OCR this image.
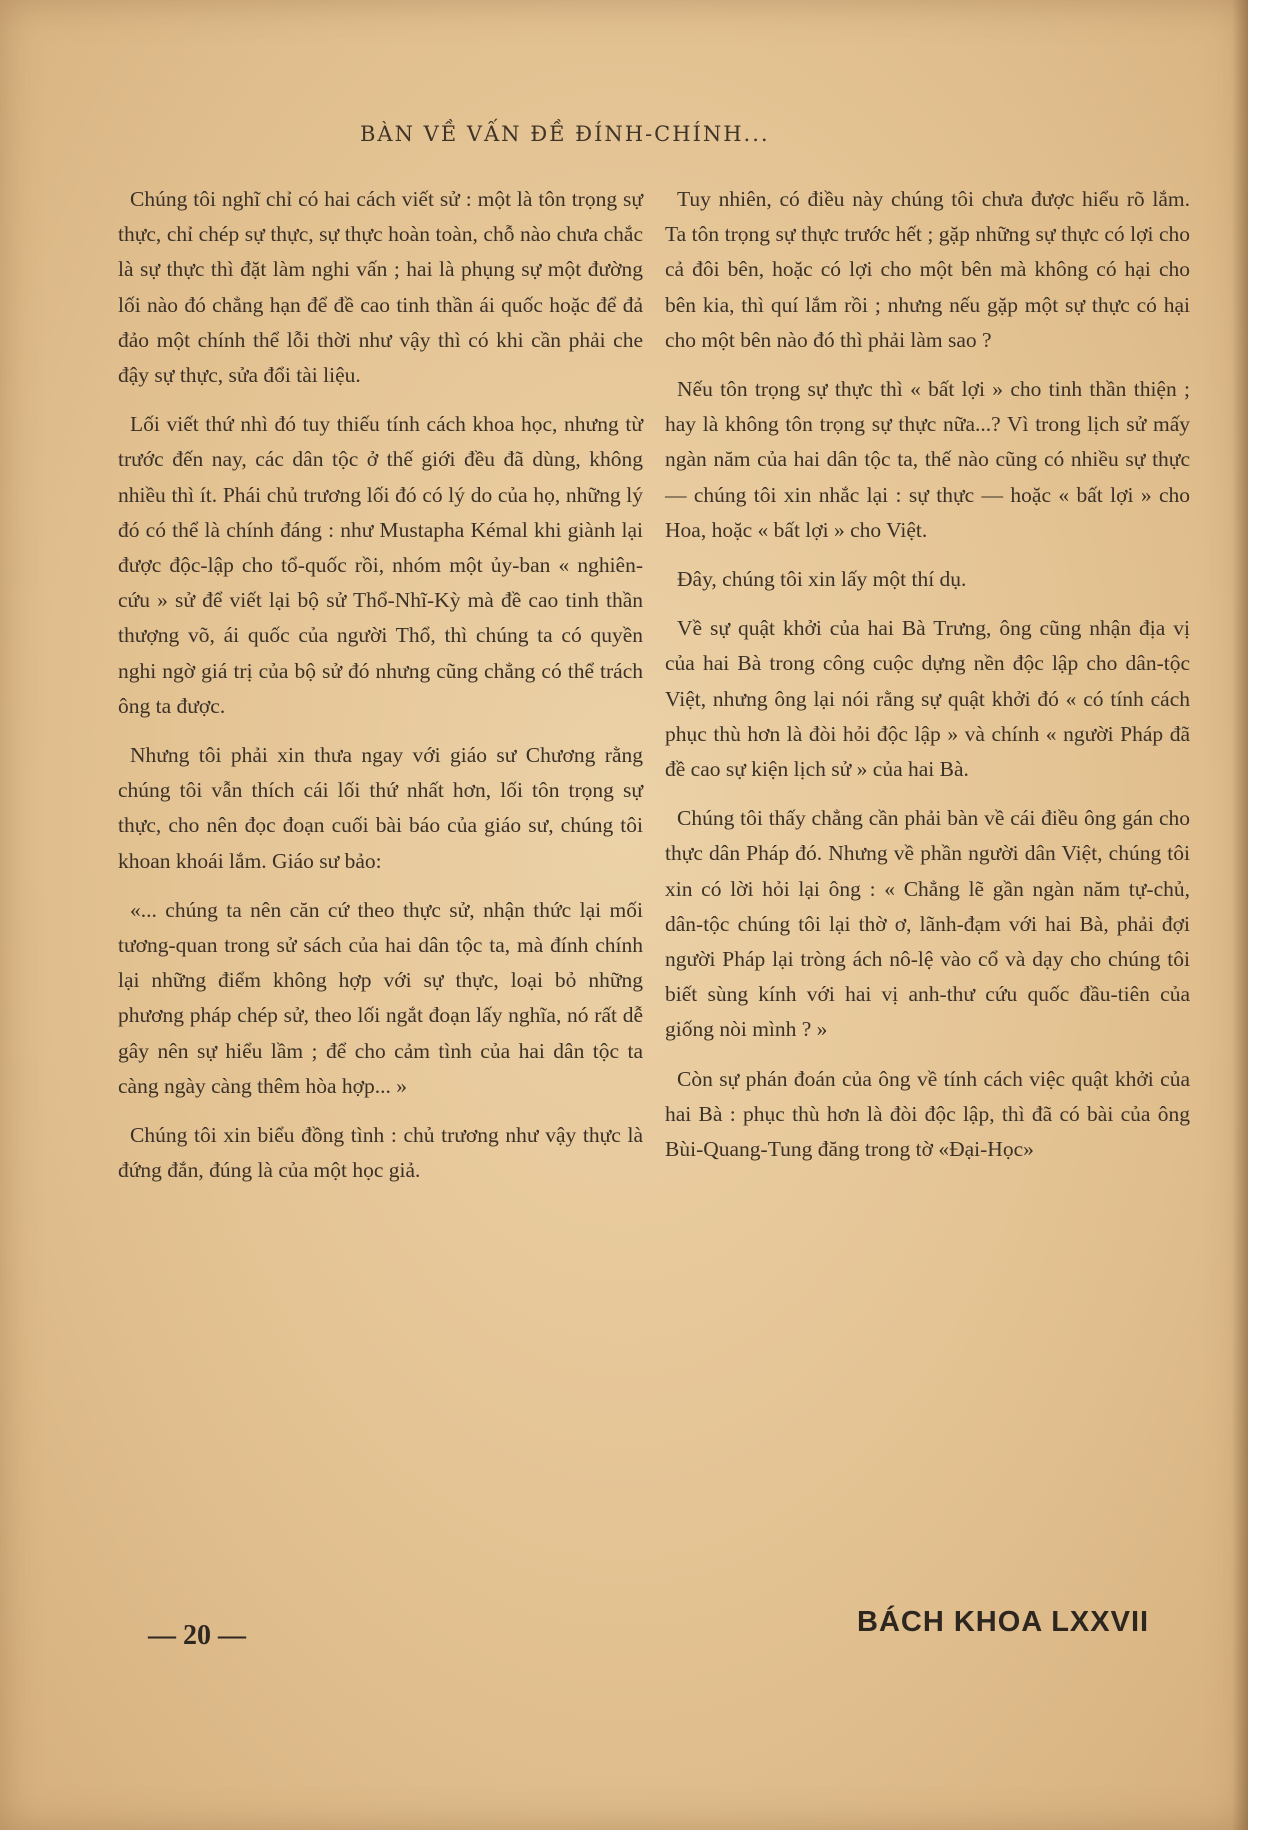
BÀN VỀ VẤN ĐỀ ĐÍNH-CHÍNH...

Chúng tôi nghĩ chỉ có hai cách viết sử : một là tôn trọng sự thực, chỉ chép sự thực, sự thực hoàn toàn, chỗ nào chưa chắc là sự thực thì đặt làm nghi vấn ; hai là phụng sự một đường lối nào đó chẳng hạn để đề cao tinh thần ái quốc hoặc để đả đảo một chính thể lỗi thời như vậy thì có khi cần phải che đậy sự thực, sửa đổi tài liệu.

Lối viết thứ nhì đó tuy thiếu tính cách khoa học, nhưng từ trước đến nay, các dân tộc ở thế giới đều đã dùng, không nhiều thì ít. Phái chủ trương lối đó có lý do của họ, những lý đó có thể là chính đáng : như Mustapha Kémal khi giành lại được độc-lập cho tổ-quốc rồi, nhóm một ủy-ban « nghiên-cứu » sử để viết lại bộ sử Thổ-Nhĩ-Kỳ mà đề cao tinh thần thượng võ, ái quốc của người Thổ, thì chúng ta có quyền nghi ngờ giá trị của bộ sử đó nhưng cũng chẳng có thể trách ông ta được.

Nhưng tôi phải xin thưa ngay với giáo sư Chương rằng chúng tôi vẫn thích cái lối thứ nhất hơn, lối tôn trọng sự thực, cho nên đọc đoạn cuối bài báo của giáo sư, chúng tôi khoan khoái lắm. Giáo sư bảo:

«... chúng ta nên căn cứ theo thực sử, nhận thức lại mối tương-quan trong sử sách của hai dân tộc ta, mà đính chính lại những điểm không hợp với sự thực, loại bỏ những phương pháp chép sử, theo lối ngắt đoạn lấy nghĩa, nó rất dễ gây nên sự hiểu lầm ; để cho cảm tình của hai dân tộc ta càng ngày càng thêm hòa hợp... »

Chúng tôi xin biểu đồng tình : chủ trương như vậy thực là đứng đắn, đúng là của một học giả.

Tuy nhiên, có điều này chúng tôi chưa được hiểu rõ lắm. Ta tôn trọng sự thực trước hết ; gặp những sự thực có lợi cho cả đôi bên, hoặc có lợi cho một bên mà không có hại cho bên kia, thì quí lắm rồi ; nhưng nếu gặp một sự thực có hại cho một bên nào đó thì phải làm sao ?

Nếu tôn trọng sự thực thì « bất lợi » cho tinh thần thiện ; hay là không tôn trọng sự thực nữa...? Vì trong lịch sử mấy ngàn năm của hai dân tộc ta, thế nào cũng có nhiều sự thực — chúng tôi xin nhắc lại : sự thực — hoặc « bất lợi » cho Hoa, hoặc « bất lợi » cho Việt.

Đây, chúng tôi xin lấy một thí dụ.

Về sự quật khởi của hai Bà Trưng, ông cũng nhận địa vị của hai Bà trong công cuộc dựng nền độc lập cho dân-tộc Việt, nhưng ông lại nói rằng sự quật khởi đó « có tính cách phục thù hơn là đòi hỏi độc lập » và chính « người Pháp đã đề cao sự kiện lịch sử » của hai Bà.

Chúng tôi thấy chẳng cần phải bàn về cái điều ông gán cho thực dân Pháp đó. Nhưng về phần người dân Việt, chúng tôi xin có lời hỏi lại ông : « Chẳng lẽ gần ngàn năm tự-chủ, dân-tộc chúng tôi lại thờ ơ, lãnh-đạm với hai Bà, phải đợi người Pháp lại tròng ách nô-lệ vào cổ và dạy cho chúng tôi biết sùng kính với hai vị anh-thư cứu quốc đầu-tiên của giống nòi mình ? »

Còn sự phán đoán của ông về tính cách việc quật khởi của hai Bà : phục thù hơn là đòi độc lập, thì đã có bài của ông Bùi-Quang-Tung đăng trong tờ «Đại-Học»

— 20 —	BÁCH KHOA LXXVII
